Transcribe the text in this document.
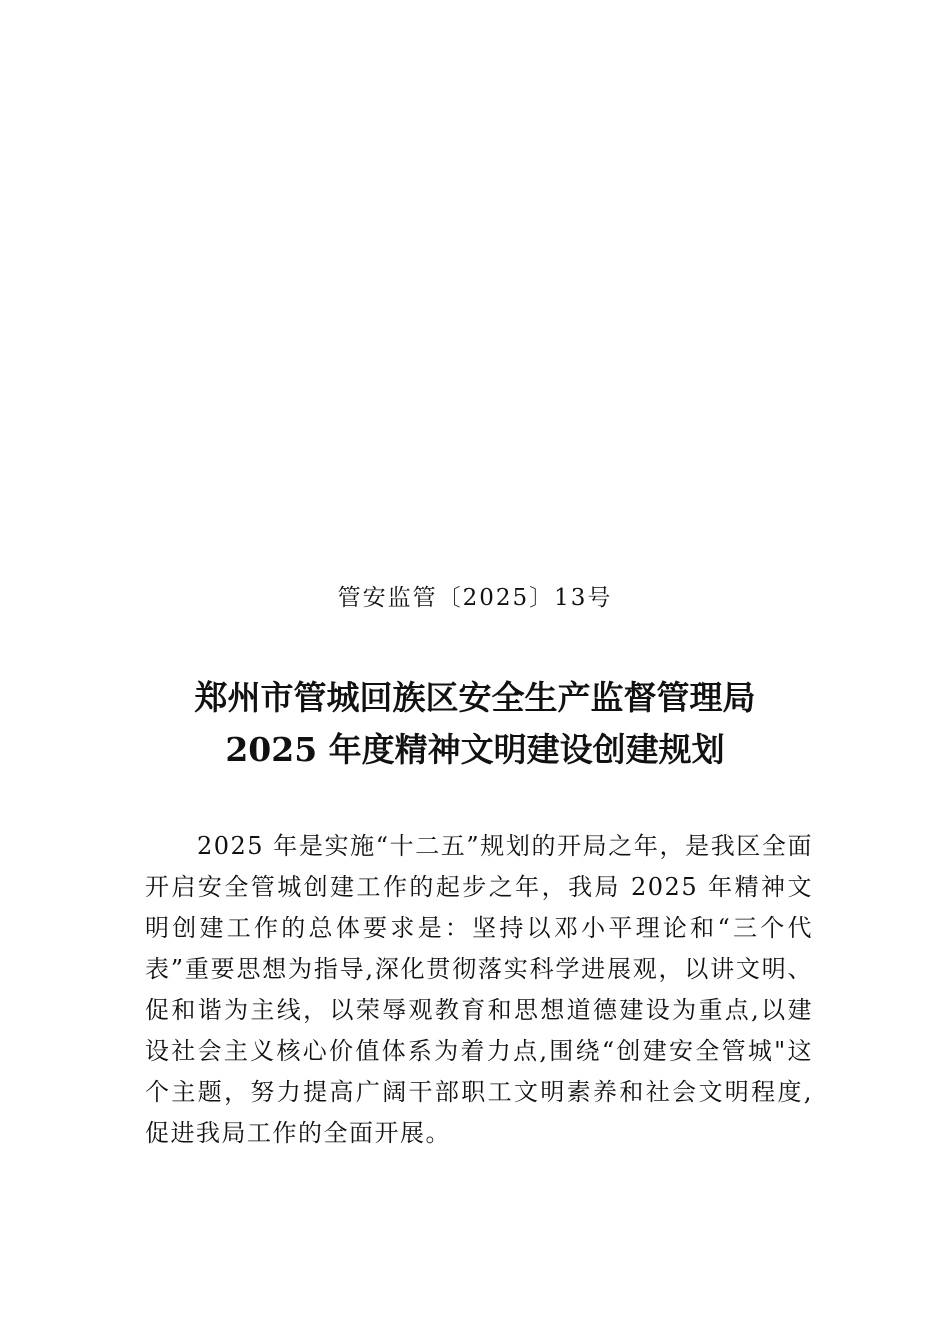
管安监管〔2025〕13号
郑州市管城回族区安全生产监督管理局
2025 年度精神文明建设创建规划

2025 年是实施“十二五”规划的开局之年，是我区全面开启安全管城创建工作的起步之年，我局 2025 年精神文明创建工作的总体要求是：坚持以邓小平理论和“三个代表”重要思想为指导,深化贯彻落实科学进展观，以讲文明、促和谐为主线，以荣辱观教育和思想道德建设为重点,以建设社会主义核心价值体系为着力点,围绕“创建安全管城"这个主题，努力提高广阔干部职工文明素养和社会文明程度,促进我局工作的全面开展。
